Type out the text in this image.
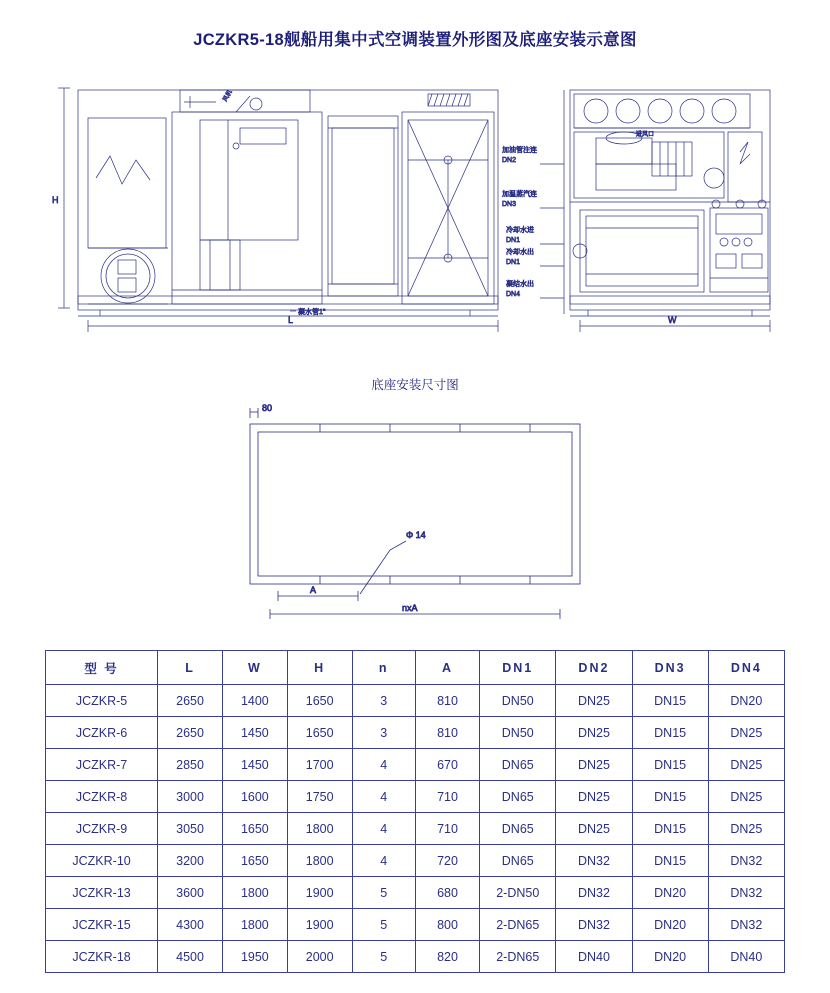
JCZKR5-18舰船用集中式空调装置外形图及底座安装示意图
H
风机
凝水管1"
L
加油管注连
DN2
加温蒸汽连
DN3
冷却水进
DN1
冷却水出
DN1
凝结水出
DN4
进风口
W
底座安装尺寸图
80
Φ 14
A
nxA
型 号	L	W	H	n	A	DN1	DN2	DN3	DN4
JCZKR-5	2650	1400	1650	3	810	DN50	DN25	DN15	DN20
JCZKR-6	2650	1450	1650	3	810	DN50	DN25	DN15	DN25
JCZKR-7	2850	1450	1700	4	670	DN65	DN25	DN15	DN25
JCZKR-8	3000	1600	1750	4	710	DN65	DN25	DN15	DN25
JCZKR-9	3050	1650	1800	4	710	DN65	DN25	DN15	DN25
JCZKR-10	3200	1650	1800	4	720	DN65	DN32	DN15	DN32
JCZKR-13	3600	1800	1900	5	680	2-DN50	DN32	DN20	DN32
JCZKR-15	4300	1800	1900	5	800	2-DN65	DN32	DN20	DN32
JCZKR-18	4500	1950	2000	5	820	2-DN65	DN40	DN20	DN40
